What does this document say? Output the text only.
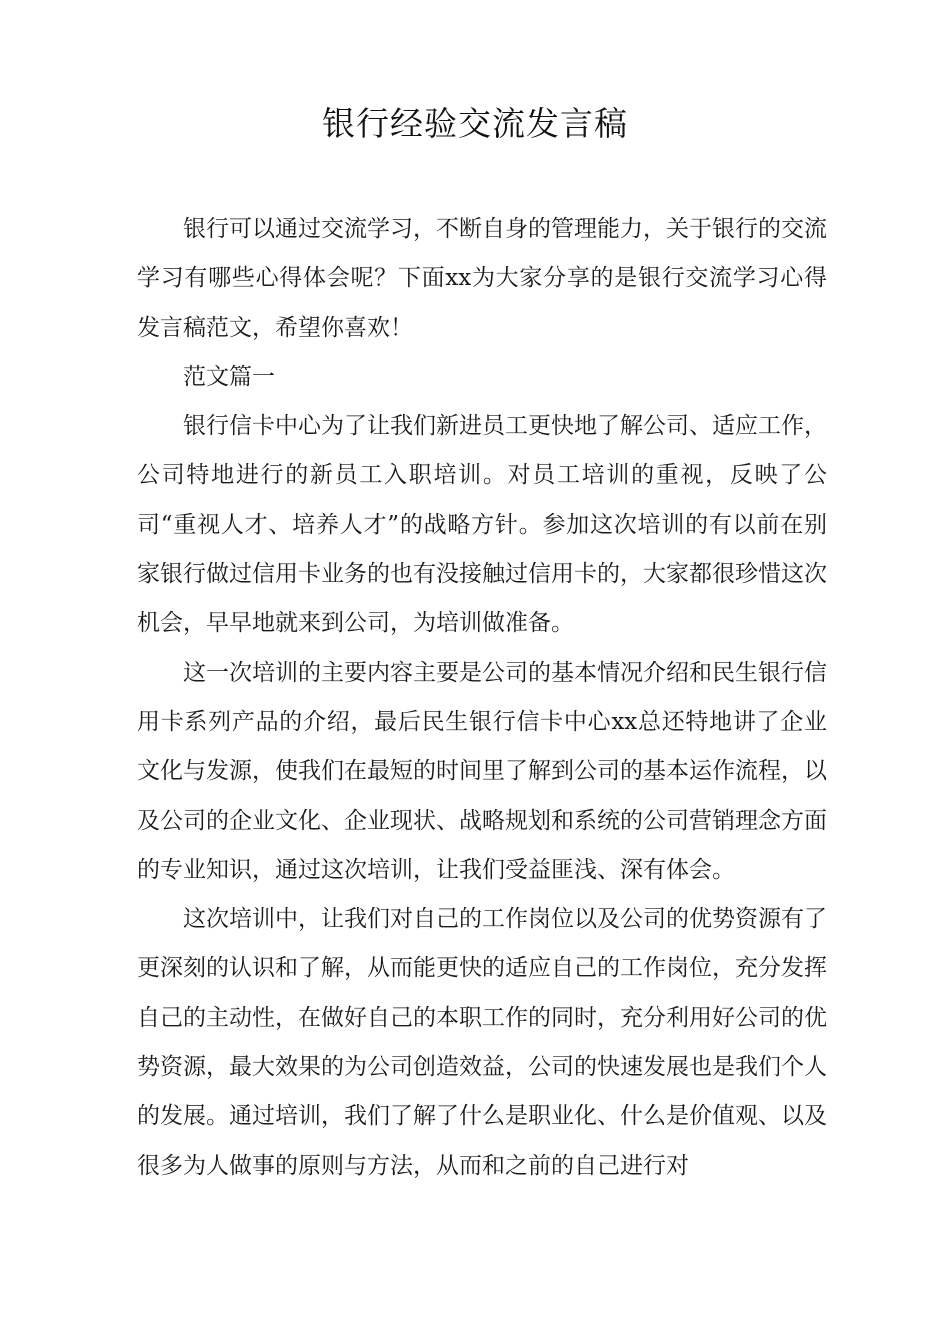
银行经验交流发言稿

银行可以通过交流学习，不断自身的管理能力，关于银行的交流学习有哪些心得体会呢？下面xx为大家分享的是银行交流学习心得发言稿范文，希望你喜欢！

范文篇一

银行信卡中心为了让我们新进员工更快地了解公司、适应工作，公司特地进行的新员工入职培训。对员工培训的重视，反映了公司“重视人才、培养人才”的战略方针。参加这次培训的有以前在别家银行做过信用卡业务的也有没接触过信用卡的，大家都很珍惜这次机会，早早地就来到公司，为培训做准备。

这一次培训的主要内容主要是公司的基本情况介绍和民生银行信用卡系列产品的介绍，最后民生银行信卡中心xx总还特地讲了企业文化与发源，使我们在最短的时间里了解到公司的基本运作流程，以及公司的企业文化、企业现状、战略规划和系统的公司营销理念方面的专业知识，通过这次培训，让我们受益匪浅、深有体会。

这次培训中，让我们对自己的工作岗位以及公司的优势资源有了更深刻的认识和了解，从而能更快的适应自己的工作岗位，充分发挥自己的主动性，在做好自己的本职工作的同时，充分利用好公司的优势资源，最大效果的为公司创造效益，公司的快速发展也是我们个人的发展。通过培训，我们了解了什么是职业化、什么是价值观、以及很多为人做事的原则与方法，从而和之前的自己进行对
